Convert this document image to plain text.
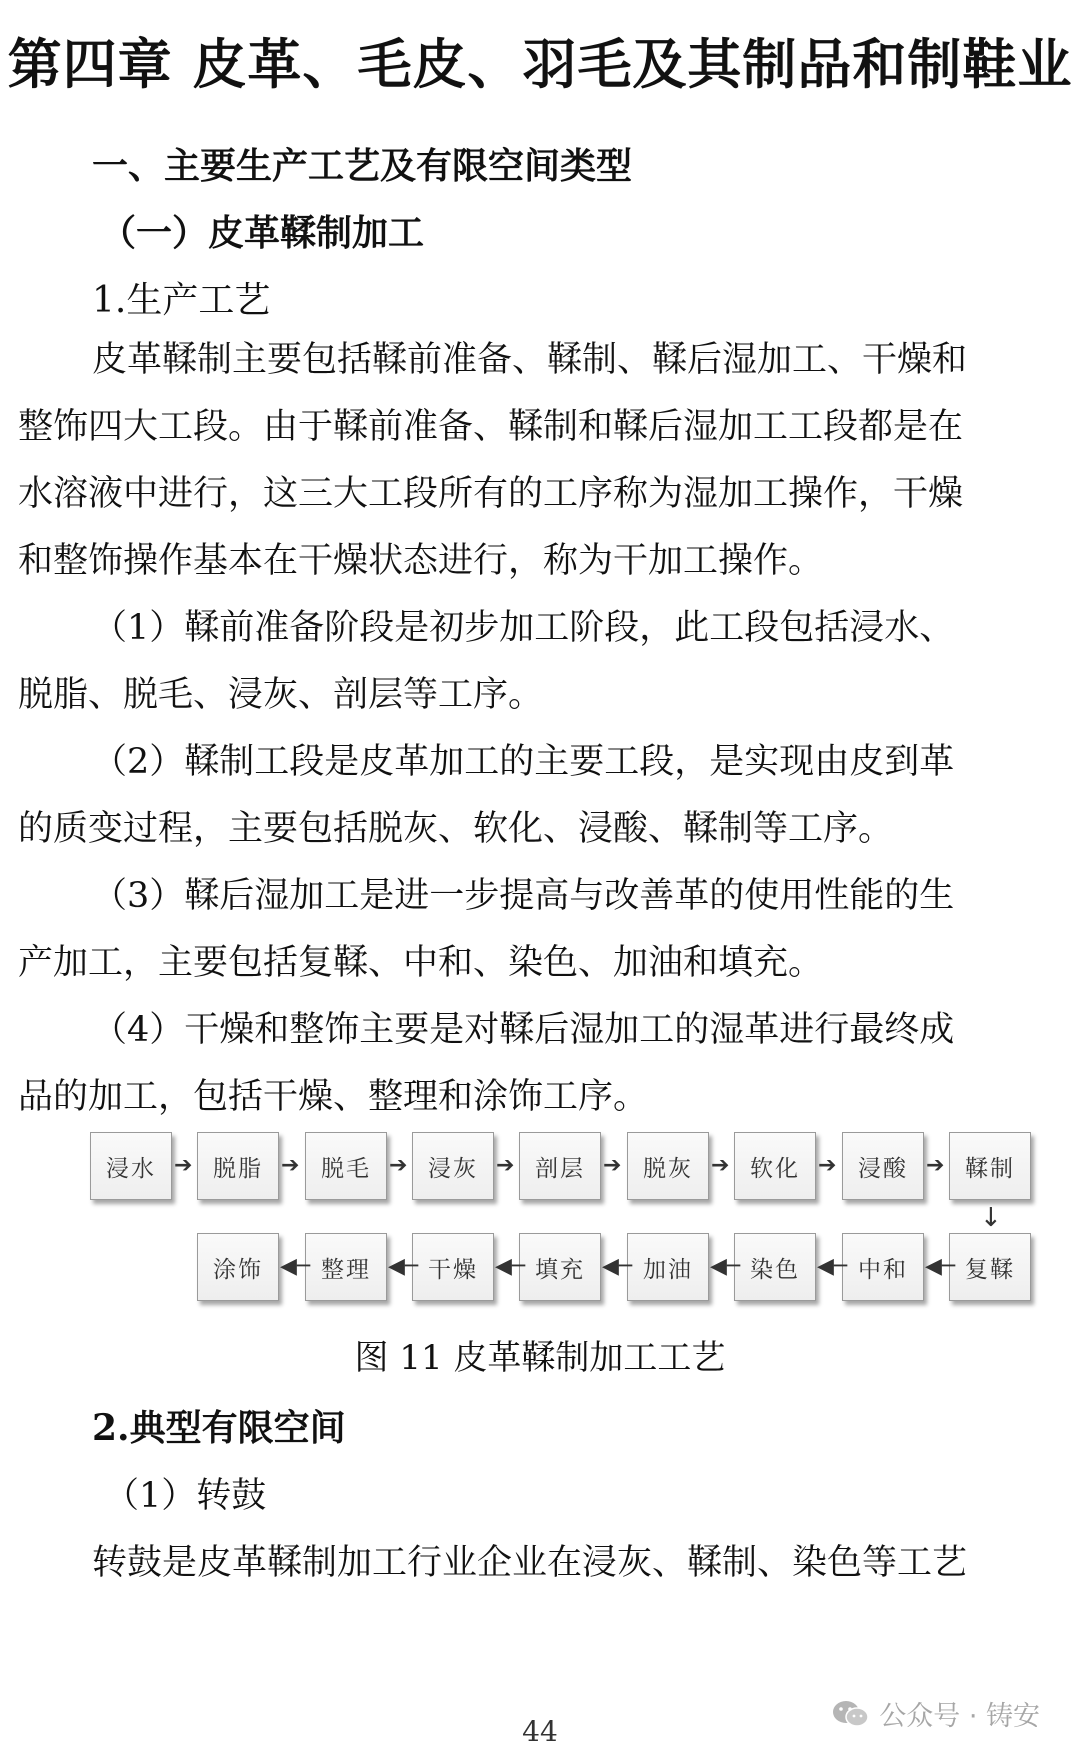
第四章 皮革、毛皮、羽毛及其制品和制鞋业
一、主要生产工艺及有限空间类型
（一）皮革鞣制加工
1.生产工艺
皮革鞣制主要包括鞣前准备、鞣制、鞣后湿加工、干燥和
整饰四大工段。由于鞣前准备、鞣制和鞣后湿加工工段都是在
水溶液中进行，这三大工段所有的工序称为湿加工操作，干燥
和整饰操作基本在干燥状态进行，称为干加工操作。
（1）鞣前准备阶段是初步加工阶段，此工段包括浸水、
脱脂、脱毛、浸灰、剖层等工序。
（2）鞣制工段是皮革加工的主要工段，是实现由皮到革
的质变过程，主要包括脱灰、软化、浸酸、鞣制等工序。
（3）鞣后湿加工是进一步提高与改善革的使用性能的生
产加工，主要包括复鞣、中和、染色、加油和填充。
（4）干燥和整饰主要是对鞣后湿加工的湿革进行最终成
品的加工，包括干燥、整理和涂饰工序。
浸水	脱脂	脱毛	浸灰	剖层	脱灰	软化	浸酸	鞣制
➔	➔	➔	➔	➔	➔	➔	➔
↓
涂饰	整理	干燥	填充	加油	染色	中和	复鞣
◀─	◀─	◀─	◀─	◀─	◀─	◀─
图 11 皮革鞣制加工工艺
2.典型有限空间
（1）转鼓
转鼓是皮革鞣制加工行业企业在浸灰、鞣制、染色等工艺
公众号 · 铸安
44
